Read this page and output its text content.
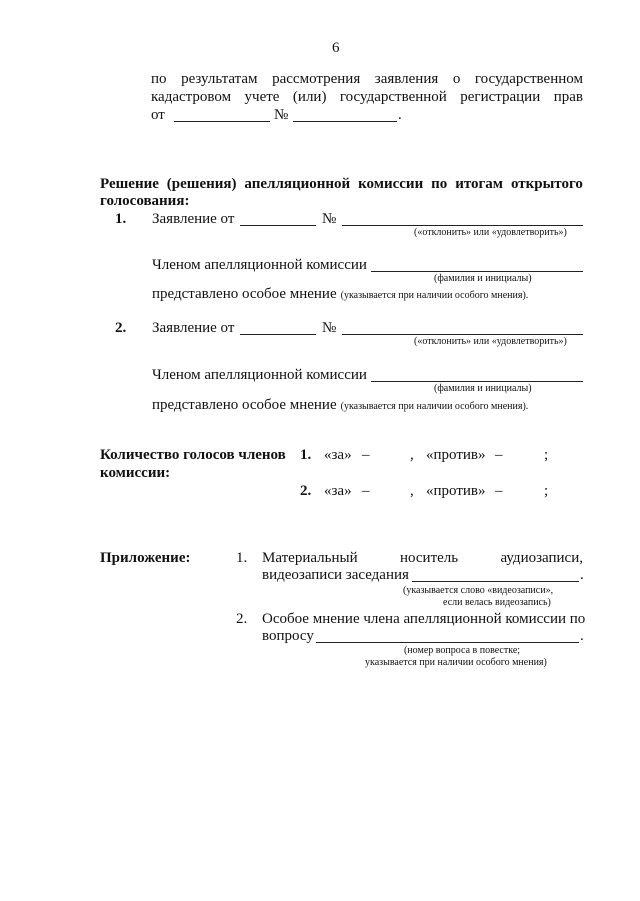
6
по результатам рассмотрения заявления о государственном
кадастровом учете (или) государственной регистрации прав
от	№	.
Решение (решения) апелляционной комиссии по итогам открытого
голосования:
1. Заявление от	№
(«отклонить» или «удовлетворить»)
Членом апелляционной комиссии
(фамилия и инициалы)
представлено особое мнение (указывается при наличии особого мнения).
2. Заявление от	№
(«отклонить» или «удовлетворить»)
Членом апелляционной комиссии
(фамилия и инициалы)
представлено особое мнение (указывается при наличии особого мнения).
Количество голосов членов
комиссии:
1. «за» –	, «против» –	;
2. «за» –	, «против» –	;
Приложение:	1. Материальный	носитель	аудиозаписи,
видеозаписи заседания	.
(указывается слово «видеозаписи»,
если велась видеозапись)
2. Особое мнение члена апелляционной комиссии по
вопросу	.
(номер вопроса в повестке;
указывается при наличии особого мнения)
